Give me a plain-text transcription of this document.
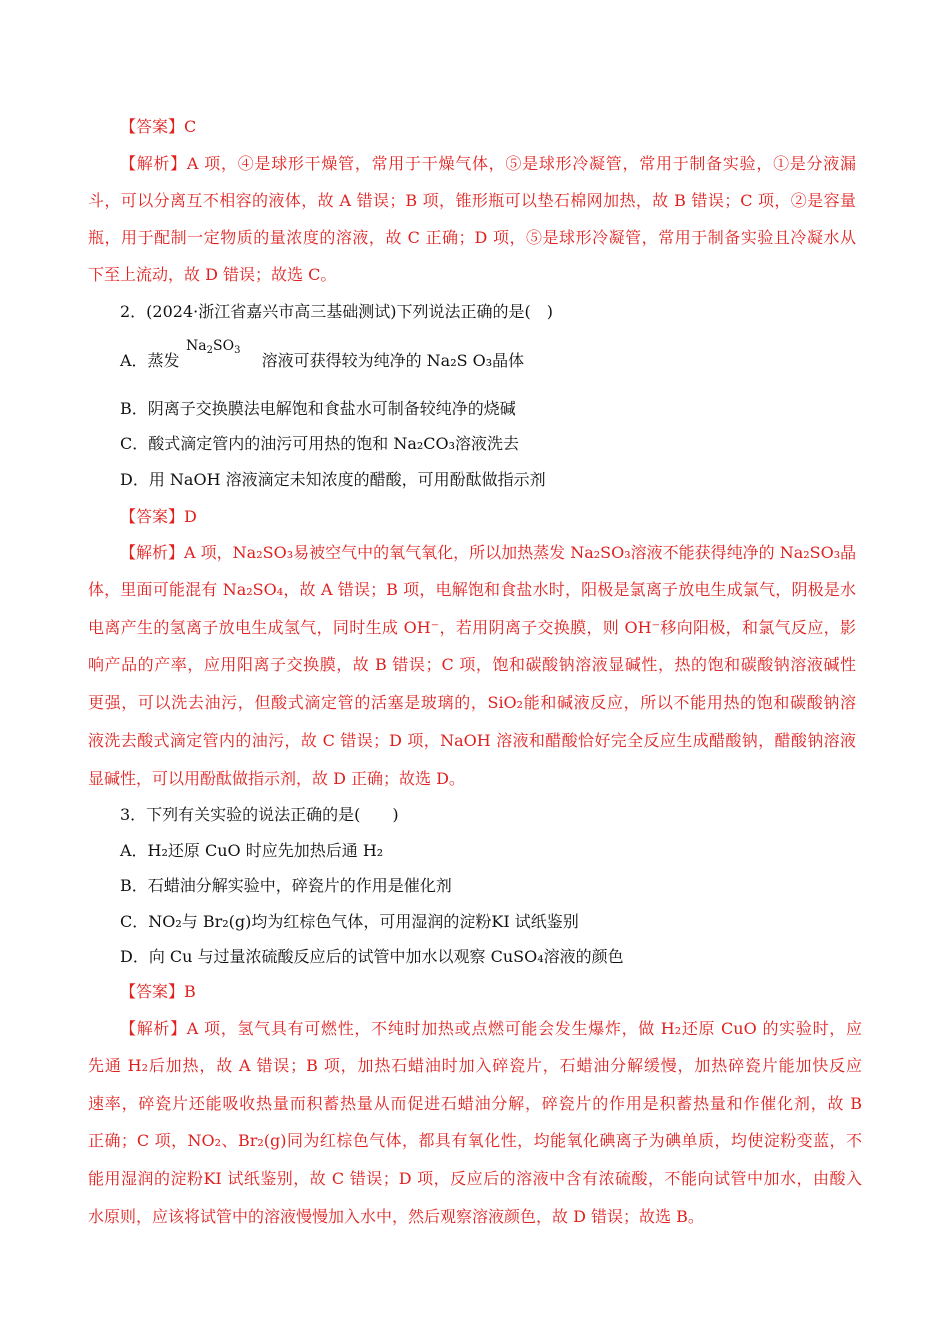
【答案】C
【解析】A 项，④是球形干燥管，常用于干燥气体，⑤是球形冷凝管，常用于制备实验，①是分液漏
斗，可以分离互不相容的液体，故 A 错误；B 项，锥形瓶可以垫石棉网加热，故 B 错误；C 项，②是容量
瓶，用于配制一定物质的量浓度的溶液，故 C 正确；D 项，⑤是球形冷凝管，常用于制备实验且冷凝水从
下至上流动，故 D 错误；故选 C。
2．(2024·浙江省嘉兴市高三基础测试)下列说法正确的是(　)
A．蒸发	溶液可获得较为纯净的 Na₂S O₃晶体
$Na_2SO_3$
B．阴离子交换膜法电解饱和食盐水可制备较纯净的烧碱
C．酸式滴定管内的油污可用热的饱和 Na₂CO₃溶液洗去
D．用 NaOH 溶液滴定未知浓度的醋酸，可用酚酞做指示剂
【答案】D
【解析】A 项，Na₂SO₃易被空气中的氧气氧化，所以加热蒸发 Na₂SO₃溶液不能获得纯净的 Na₂SO₃晶
体，里面可能混有 Na₂SO₄，故 A 错误；B 项，电解饱和食盐水时，阳极是氯离子放电生成氯气，阴极是水
电离产生的氢离子放电生成氢气，同时生成 OH⁻，若用阴离子交换膜，则 OH⁻移向阳极，和氯气反应，影
响产品的产率，应用阳离子交换膜，故 B 错误；C 项，饱和碳酸钠溶液显碱性，热的饱和碳酸钠溶液碱性
更强，可以洗去油污，但酸式滴定管的活塞是玻璃的，SiO₂能和碱液反应，所以不能用热的饱和碳酸钠溶
液洗去酸式滴定管内的油污，故 C 错误；D 项，NaOH 溶液和醋酸恰好完全反应生成醋酸钠，醋酸钠溶液
显碱性，可以用酚酞做指示剂，故 D 正确；故选 D。
3．下列有关实验的说法正确的是(　　)
A．H₂还原 CuO 时应先加热后通 H₂
B．石蜡油分解实验中，碎瓷片的作用是催化剂
C．NO₂与 Br₂(g)均为红棕色气体，可用湿润的淀粉KI 试纸鉴别
D．向 Cu 与过量浓硫酸反应后的试管中加水以观察 CuSO₄溶液的颜色
【答案】B
【解析】A 项，氢气具有可燃性，不纯时加热或点燃可能会发生爆炸，做 H₂还原 CuO 的实验时，应
先通 H₂后加热，故 A 错误；B 项，加热石蜡油时加入碎瓷片，石蜡油分解缓慢，加热碎瓷片能加快反应
速率，碎瓷片还能吸收热量而积蓄热量从而促进石蜡油分解，碎瓷片的作用是积蓄热量和作催化剂，故 B
正确；C 项，NO₂、Br₂(g)同为红棕色气体，都具有氧化性，均能氧化碘离子为碘单质，均使淀粉变蓝，不
能用湿润的淀粉KI 试纸鉴别，故 C 错误；D 项，反应后的溶液中含有浓硫酸，不能向试管中加水，由酸入
水原则，应该将试管中的溶液慢慢加入水中，然后观察溶液颜色，故 D 错误；故选 B。
